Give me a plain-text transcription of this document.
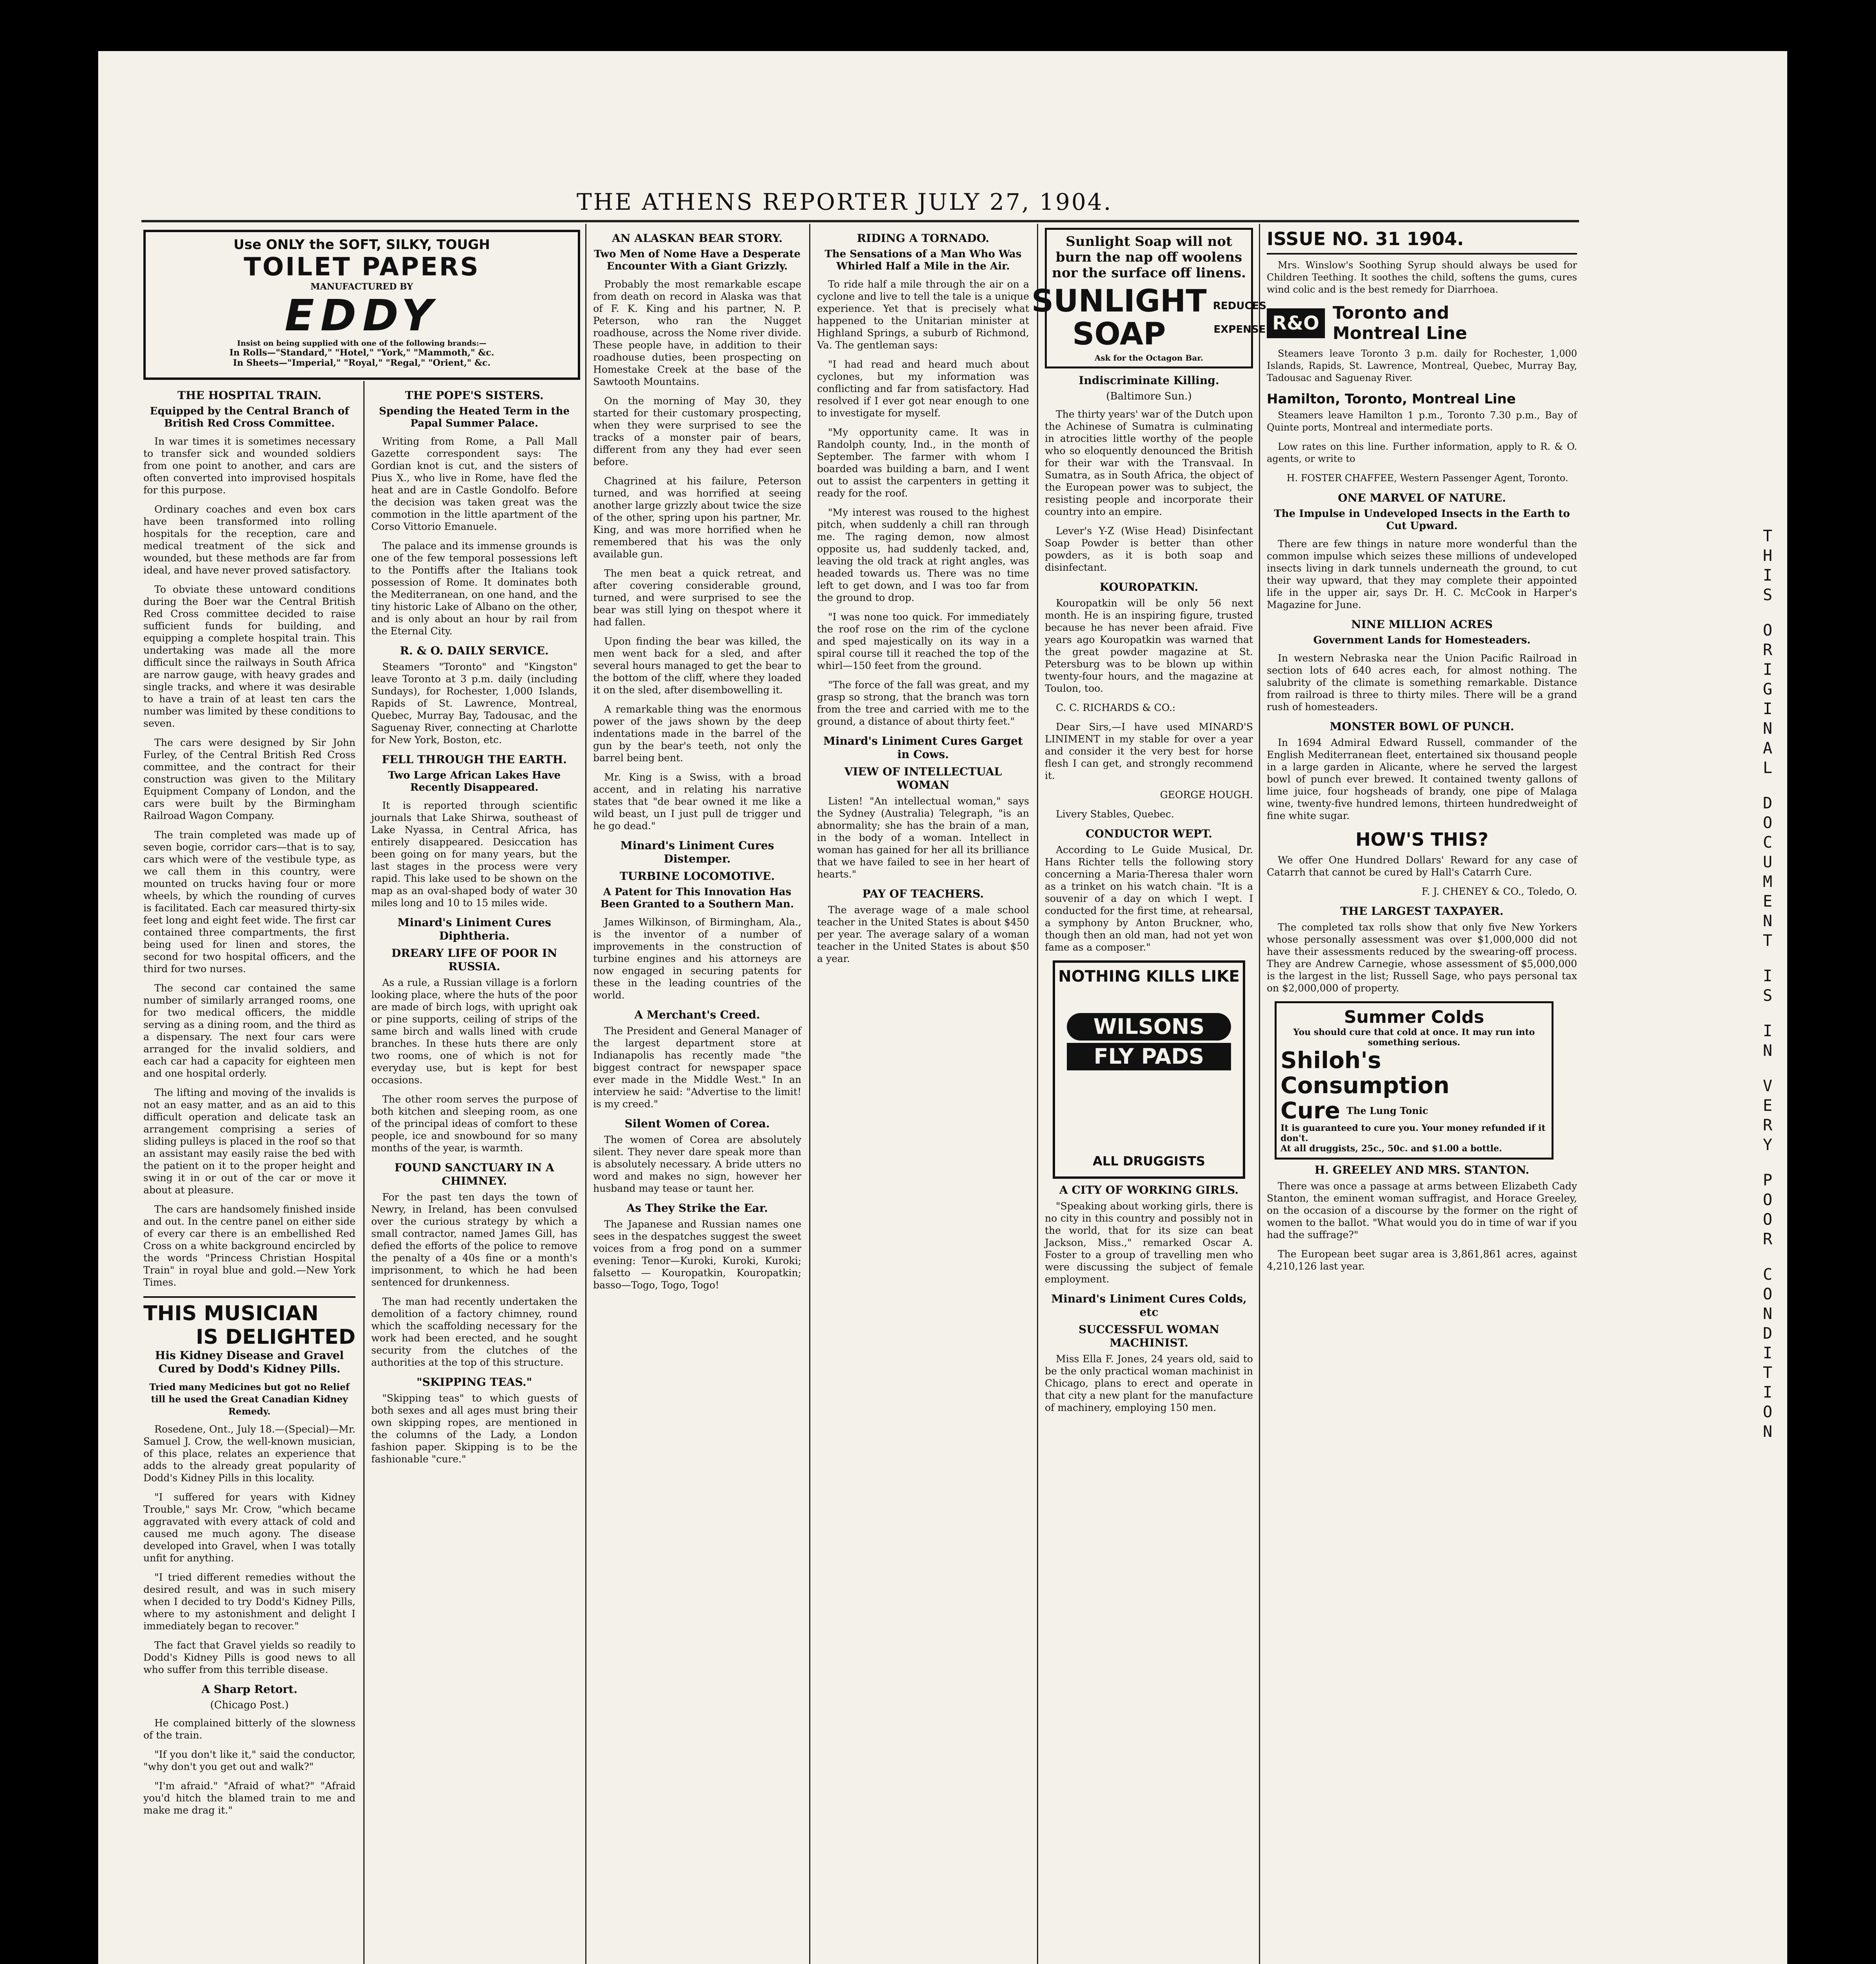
THE ATHENS REPORTER JULY 27, 1904.
Use ONLY the SOFT, SILKY, TOUGH
TOILET PAPERS
MANUFACTURED BY
EDDY
Insist on being supplied with one of the following brands:—
In Rolls—"Standard," "Hotel," "York," "Mammoth," &c.
In Sheets—"Imperial," "Royal," "Regal," "Orient," &c.
THE HOSPITAL TRAIN.
Equipped by the Central Branch of British Red Cross Committee.

In war times it is sometimes necessary to transfer sick and wounded soldiers from one point to another, and cars are often converted into improvised hospitals for this purpose.

Ordinary coaches and even box cars have been transformed into rolling hospitals for the reception, care and medical treatment of the sick and wounded, but these methods are far from ideal, and have never proved satisfactory.

To obviate these untoward conditions during the Boer war the Central British Red Cross committee decided to raise sufficient funds for building, and equipping a complete hospital train. This undertaking was made all the more difficult since the railways in South Africa are narrow gauge, with heavy grades and single tracks, and where it was desirable to have a train of at least ten cars the number was limited by these conditions to seven.

The cars were designed by Sir John Furley, of the Central British Red Cross committee, and the contract for their construction was given to the Military Equipment Company of London, and the cars were built by the Birmingham Railroad Wagon Company.

The train completed was made up of seven bogie, corridor cars—that is to say, cars which were of the vestibule type, as we call them in this country, were mounted on trucks having four or more wheels, by which the rounding of curves is facilitated. Each car measured thirty-six feet long and eight feet wide. The first car contained three compartments, the first being used for linen and stores, the second for two hospital officers, and the third for two nurses.

The second car contained the same number of similarly arranged rooms, one for two medical officers, the middle serving as a dining room, and the third as a dispensary. The next four cars were arranged for the invalid soldiers, and each car had a capacity for eighteen men and one hospital orderly.

The lifting and moving of the invalids is not an easy matter, and as an aid to this difficult operation and delicate task an arrangement comprising a series of sliding pulleys is placed in the roof so that an assistant may easily raise the bed with the patient on it to the proper height and swing it in or out of the car or move it about at pleasure.

The cars are handsomely finished inside and out. In the centre panel on either side of every car there is an embellished Red Cross on a white background encircled by the words "Princess Christian Hospital Train" in royal blue and gold.—New York Times.

THIS MUSICIAN
IS DELIGHTED
His Kidney Disease and Gravel Cured by Dodd's Kidney Pills.
Tried many Medicines but got no Relief till he used the Great Canadian Kidney Remedy.

Rosedene, Ont., July 18.—(Special)—Mr. Samuel J. Crow, the well-known musician, of this place, relates an experience that adds to the already great popularity of Dodd's Kidney Pills in this locality.

"I suffered for years with Kidney Trouble," says Mr. Crow, "which became aggravated with every attack of cold and caused me much agony. The disease developed into Gravel, when I was totally unfit for anything.

"I tried different remedies without the desired result, and was in such misery when I decided to try Dodd's Kidney Pills, where to my astonishment and delight I immediately began to recover."

The fact that Gravel yields so readily to Dodd's Kidney Pills is good news to all who suffer from this terrible disease.

A Sharp Retort.
(Chicago Post.)

He complained bitterly of the slowness of the train.

"If you don't like it," said the conductor, "why don't you get out and walk?"

"I'm afraid." "Afraid of what?" "Afraid you'd hitch the blamed train to me and make me drag it."

THE POPE'S SISTERS.
Spending the Heated Term in the Papal Summer Palace.

Writing from Rome, a Pall Mall Gazette correspondent says: The Gordian knot is cut, and the sisters of Pius X., who live in Rome, have fled the heat and are in Castle Gondolfo. Before the decision was taken great was the commotion in the little apartment of the Corso Vittorio Emanuele.

The palace and its immense grounds is one of the few temporal possessions left to the Pontiffs after the Italians took possession of Rome. It dominates both the Mediterranean, on one hand, and the tiny historic Lake of Albano on the other, and is only about an hour by rail from the Eternal City.

R. & O. DAILY SERVICE.

Steamers "Toronto" and "Kingston" leave Toronto at 3 p.m. daily (including Sundays), for Rochester, 1,000 Islands, Rapids of St. Lawrence, Montreal, Quebec, Murray Bay, Tadousac, and the Saguenay River, connecting at Charlotte for New York, Boston, etc.

FELL THROUGH THE EARTH.
Two Large African Lakes Have Recently Disappeared.

It is reported through scientific journals that Lake Shirwa, southeast of Lake Nyassa, in Central Africa, has entirely disappeared. Desiccation has been going on for many years, but the last stages in the process were very rapid. This lake used to be shown on the map as an oval-shaped body of water 30 miles long and 10 to 15 miles wide.

Minard's Liniment Cures Diphtheria.
DREARY LIFE OF POOR IN RUSSIA.

As a rule, a Russian village is a forlorn looking place, where the huts of the poor are made of birch logs, with upright oak or pine supports, ceiling of strips of the same birch and walls lined with crude branches. In these huts there are only two rooms, one of which is not for everyday use, but is kept for best occasions.

The other room serves the purpose of both kitchen and sleeping room, as one of the principal ideas of comfort to these people, ice and snowbound for so many months of the year, is warmth.

FOUND SANCTUARY IN A CHIMNEY.

For the past ten days the town of Newry, in Ireland, has been convulsed over the curious strategy by which a small contractor, named James Gill, has defied the efforts of the police to remove the penalty of a 40s fine or a month's imprisonment, to which he had been sentenced for drunkenness.

The man had recently undertaken the demolition of a factory chimney, round which the scaffolding necessary for the work had been erected, and he sought security from the clutches of the authorities at the top of this structure.

"SKIPPING TEAS."

"Skipping teas" to which guests of both sexes and all ages must bring their own skipping ropes, are mentioned in the columns of the Lady, a London fashion paper. Skipping is to be the fashionable "cure."

AN ALASKAN BEAR STORY.
Two Men of Nome Have a Desperate Encounter With a Giant Grizzly.

Probably the most remarkable escape from death on record in Alaska was that of F. K. King and his partner, N. P. Peterson, who ran the Nugget roadhouse, across the Nome river divide. These people have, in addition to their roadhouse duties, been prospecting on Homestake Creek at the base of the Sawtooth Mountains.

On the morning of May 30, they started for their customary prospecting, when they were surprised to see the tracks of a monster pair of bears, different from any they had ever seen before.

Chagrined at his failure, Peterson turned, and was horrified at seeing another large grizzly about twice the size of the other, spring upon his partner, Mr. King, and was more horrified when he remembered that his was the only available gun.

The men beat a quick retreat, and after covering considerable ground, turned, and were surprised to see the bear was still lying on thespot where it had fallen.

Upon finding the bear was killed, the men went back for a sled, and after several hours managed to get the bear to the bottom of the cliff, where they loaded it on the sled, after disembowelling it.

A remarkable thing was the enormous power of the jaws shown by the deep indentations made in the barrel of the gun by the bear's teeth, not only the barrel being bent.

Mr. King is a Swiss, with a broad accent, and in relating his narrative states that "de bear owned it me like a wild beast, un I just pull de trigger und he go dead."

Minard's Liniment Cures Distemper.
TURBINE LOCOMOTIVE.
A Patent for This Innovation Has Been Granted to a Southern Man.

James Wilkinson, of Birmingham, Ala., is the inventor of a number of improvements in the construction of turbine engines and his attorneys are now engaged in securing patents for these in the leading countries of the world.

A Merchant's Creed.

The President and General Manager of the largest department store at Indianapolis has recently made "the biggest contract for newspaper space ever made in the Middle West." In an interview he said: "Advertise to the limit! is my creed."

Silent Women of Corea.

The women of Corea are absolutely silent. They never dare speak more than is absolutely necessary. A bride utters no word and makes no sign, however her husband may tease or taunt her.

As They Strike the Ear.

The Japanese and Russian names one sees in the despatches suggest the sweet voices from a frog pond on a summer evening: Tenor—Kuroki, Kuroki, Kuroki; falsetto — Kouropatkin, Kouropatkin; basso—Togo, Togo, Togo!

RIDING A TORNADO.
The Sensations of a Man Who Was Whirled Half a Mile in the Air.

To ride half a mile through the air on a cyclone and live to tell the tale is a unique experience. Yet that is precisely what happened to the Unitarian minister at Highland Springs, a suburb of Richmond, Va. The gentleman says:

"I had read and heard much about cyclones, but my information was conflicting and far from satisfactory. Had resolved if I ever got near enough to one to investigate for myself.

"My opportunity came. It was in Randolph county, Ind., in the month of September. The farmer with whom I boarded was building a barn, and I went out to assist the carpenters in getting it ready for the roof.

"My interest was roused to the highest pitch, when suddenly a chill ran through me. The raging demon, now almost opposite us, had suddenly tacked, and, leaving the old track at right angles, was headed towards us. There was no time left to get down, and I was too far from the ground to drop.

"I was none too quick. For immediately the roof rose on the rim of the cyclone and sped majestically on its way in a spiral course till it reached the top of the whirl—150 feet from the ground.

"The force of the fall was great, and my grasp so strong, that the branch was torn from the tree and carried with me to the ground, a distance of about thirty feet."

Minard's Liniment Cures Garget in Cows.
VIEW OF INTELLECTUAL WOMAN

Listen! "An intellectual woman," says the Sydney (Australia) Telegraph, "is an abnormality; she has the brain of a man, in the body of a woman. Intellect in woman has gained for her all its brilliance that we have failed to see in her heart of hearts."

PAY OF TEACHERS.

The average wage of a male school teacher in the United States is about $450 per year. The average salary of a woman teacher in the United States is about $50 a year.

Sunlight Soap will not burn the nap off woolens nor the surface off linens.
SUNLIGHT
SOAP
REDUCES
EXPENSE
Ask for the Octagon Bar.
Indiscriminate Killing.
(Baltimore Sun.)

The thirty years' war of the Dutch upon the Achinese of Sumatra is culminating in atrocities little worthy of the people who so eloquently denounced the British for their war with the Transvaal. In Sumatra, as in South Africa, the object of the European power was to subject, the resisting people and incorporate their country into an empire.

Lever's Y-Z (Wise Head) Disinfectant Soap Powder is better than other powders, as it is both soap and disinfectant.

KOUROPATKIN.

Kouropatkin will be only 56 next month. He is an inspiring figure, trusted because he has never been afraid. Five years ago Kouropatkin was warned that the great powder magazine at St. Petersburg was to be blown up within twenty-four hours, and the magazine at Toulon, too.

C. C. RICHARDS & CO.:

Dear Sirs,—I have used MINARD'S LINIMENT in my stable for over a year and consider it the very best for horse flesh I can get, and strongly recommend it.

GEORGE HOUGH.

Livery Stables, Quebec.

CONDUCTOR WEPT.

According to Le Guide Musical, Dr. Hans Richter tells the following story concerning a Maria-Theresa thaler worn as a trinket on his watch chain. "It is a souvenir of a day on which I wept. I conducted for the first time, at rehearsal, a symphony by Anton Bruckner, who, though then an old man, had not yet won fame as a composer."

NOTHING KILLS LIKE
WILSONS
FLY PADS
ALL DRUGGISTS
A CITY OF WORKING GIRLS.

"Speaking about working girls, there is no city in this country and possibly not in the world, that for its size can beat Jackson, Miss.," remarked Oscar A. Foster to a group of travelling men who were discussing the subject of female employment.

Minard's Liniment Cures Colds, etc
SUCCESSFUL WOMAN MACHINIST.

Miss Ella F. Jones, 24 years old, said to be the only practical woman machinist in Chicago, plans to erect and operate in that city a new plant for the manufacture of machinery, employing 150 men.

ISSUE NO. 31 1904.

Mrs. Winslow's Soothing Syrup should always be used for Children Teething. It soothes the child, softens the gums, cures wind colic and is the best remedy for Diarrhoea.

R&O Toronto and
Montreal Line

Steamers leave Toronto 3 p.m. daily for Rochester, 1,000 Islands, Rapids, St. Lawrence, Montreal, Quebec, Murray Bay, Tadousac and Saguenay River.

Hamilton, Toronto, Montreal Line

Steamers leave Hamilton 1 p.m., Toronto 7.30 p.m., Bay of Quinte ports, Montreal and intermediate ports.

Low rates on this line. Further information, apply to R. & O. agents, or write to

H. FOSTER CHAFFEE, Western Passenger Agent, Toronto.

ONE MARVEL OF NATURE.
The Impulse in Undeveloped Insects in the Earth to Cut Upward.

There are few things in nature more wonderful than the common impulse which seizes these millions of undeveloped insects living in dark tunnels underneath the ground, to cut their way upward, that they may complete their appointed life in the upper air, says Dr. H. C. McCook in Harper's Magazine for June.

NINE MILLION ACRES
Government Lands for Homesteaders.

In western Nebraska near the Union Pacific Railroad in section lots of 640 acres each, for almost nothing. The salubrity of the climate is something remarkable. Distance from railroad is three to thirty miles. There will be a grand rush of homesteaders.

MONSTER BOWL OF PUNCH.

In 1694 Admiral Edward Russell, commander of the English Mediterranean fleet, entertained six thousand people in a large garden in Alicante, where he served the largest bowl of punch ever brewed. It contained twenty gallons of lime juice, four hogsheads of brandy, one pipe of Malaga wine, twenty-five hundred lemons, thirteen hundredweight of fine white sugar.

HOW'S THIS?

We offer One Hundred Dollars' Reward for any case of Catarrh that cannot be cured by Hall's Catarrh Cure.

F. J. CHENEY & CO., Toledo, O.

THE LARGEST TAXPAYER.

The completed tax rolls show that only five New Yorkers whose personally assessment was over $1,000,000 did not have their assessments reduced by the swearing-off process. They are Andrew Carnegie, whose assessment of $5,000,000 is the largest in the list; Russell Sage, who pays personal tax on $2,000,000 of property.

Summer Colds
You should cure that cold at once. It may run into something serious.
Shiloh's
Consumption
Cure The Lung Tonic
It is guaranteed to cure you. Your money refunded if it don't.
At all druggists, 25c., 50c. and $1.00 a bottle.
H. GREELEY AND MRS. STANTON.

There was once a passage at arms between Elizabeth Cady Stanton, the eminent woman suffragist, and Horace Greeley, on the occasion of a discourse by the former on the right of women to the ballot. "What would you do in time of war if you had the suffrage?"

The European beet sugar area is 3,861,861 acres, against 4,210,126 last year.

T
H
I
S
O
R
I
G
I
N
A
L
D
O
C
U
M
E
N
T
I
S
I
N
V
E
R
Y
P
O
O
R
C
O
N
D
I
T
I
O
N
